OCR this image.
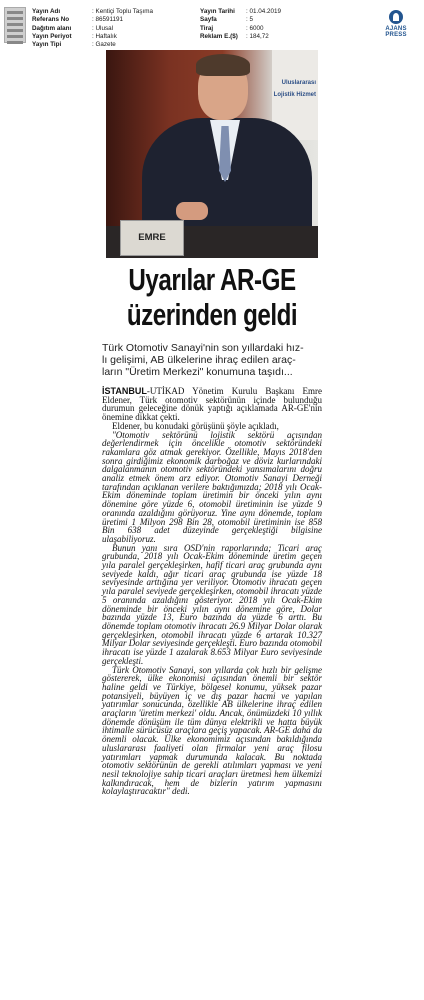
Yayın Adı	: Kentiçi Toplu Taşıma
Referans No	: 86591191
Dağıtım alanı	: Ulusal
Yayın Periyot	: Haftalık
Yayın Tipi	: Gazete
Yayın Tarihi : 01.04.2019
Sayfa	: 5
Tiraj	: 6000
Reklam E.($) : 184,72
AJANS PRESS
Uluslararası
Lojistik Hizmet
EMRE
Uyarılar AR-GE
üzerinden geldi
Türk Otomotiv Sanayi'nin son yıllardaki hız-
lı gelişimi, AB ülkelerine ihraç edilen araç-
ların "Üretim Merkezi" konumuna taşıdı...

İSTANBUL-UTİKAD Yönetim Kurulu Başkanı Emre Eldener, Türk otomotiv sektörünün içinde bulunduğu durumun geleceğine dönük yaptığı açıklamada AR-GE'nin önemine dikkat çekti.

Eldener, bu konudaki görüşünü şöyle açıkladı,

"Otomotiv sektörünü lojistik sektörü açısından değerlendirmek için öncelikle otomotiv sektöründeki rakamlara göz atmak gerekiyor. Özellikle, Mayıs 2018'den sonra girdiğimiz ekonomik darboğaz ve döviz kurlarındaki dalgalanmanın otomotiv sektöründeki yansımalarını doğru analiz etmek önem arz ediyor. Otomotiv Sanayi Derneği tarafından açıklanan verilere baktığımızda; 2018 yılı Ocak-Ekim döneminde toplam üretimin bir önceki yılın aynı dönemine göre yüzde 6, otomobil üretiminin ise yüzde 9 oranında azaldığını görüyoruz. Yine aynı dönemde, toplam üretimi 1 Milyon 298 Bin 28, otomobil üretiminin ise 858 Bin 638 adet düzeyinde gerçekleştiği bilgisine ulaşabiliyoruz.

Bunun yanı sıra OSD'nin raporlarında; Ticari araç grubunda, 2018 yılı Ocak-Ekim döneminde üretim geçen yıla paralel gerçekleşirken, hafif ticari araç grubunda aynı seviyede kaldı, ağır ticari araç grubunda ise yüzde 18 seviyesinde arttığına yer veriliyor. Otomotiv ihracatı geçen yıla paralel seviyede gerçekleşirken, otomobil ihracatı yüzde 5 oranında azaldığını gösteriyor. 2018 yılı Ocak-Ekim döneminde bir önceki yılın aynı dönemine göre, Dolar bazında yüzde 13, Euro bazında da yüzde 6 arttı. Bu dönemde toplam otomotiv ihracatı 26.9 Milyar Dolar olarak gerçekleşirken, otomobil ihracatı yüzde 6 artarak 10.327 Milyar Dolar seviyesinde gerçekleşti. Euro bazında otomobil ihracatı ise yüzde 1 azalarak 8.653 Milyar Euro seviyesinde gerçekleşti.

Türk Otomotiv Sanayi, son yıllarda çok hızlı bir gelişme göstererek, ülke ekonomisi açısından önemli bir sektör haline geldi ve Türkiye, bölgesel konumu, yüksek pazar potansiyeli, büyüyen iç ve dış pazar hacmi ve yapılan yatırımlar sonucunda, özellikle AB ülkelerine ihraç edilen araçların 'üretim merkezi' oldu. Ancak, önümüzdeki 10 yıllık dönemde dönüşüm ile tüm dünya elektrikli ve hatta büyük ihtimalle sürücüsüz araçlara geçiş yapacak. AR-GE daha da önemli olacak. Ülke ekonomimiz açısından bakıldığında uluslararası faaliyeti olan firmalar yeni araç filosu yatırımları yapmak durumunda kalacak. Bu noktada otomotiv sektörünün de gerekli atılımları yapması ve yeni nesil teknolojiye sahip ticari araçları üretmesi hem ülkemizi kalkındıracak, hem de bizlerin yatırım yapmasını kolaylaştıracaktır" dedi.
